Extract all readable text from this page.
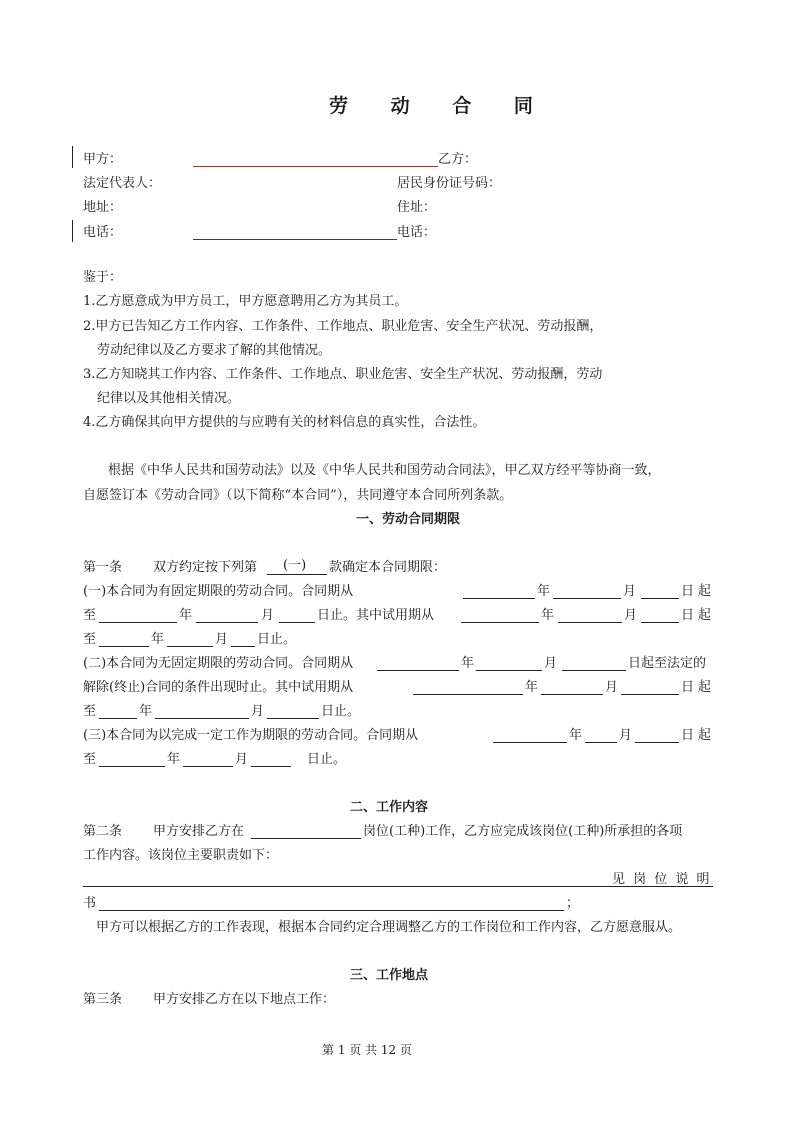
劳 动 合 同
甲方：	乙方：
法定代表人：	居民身份证号码：
地址：	住址：
电话：	电话：
鉴于：
1.乙方愿意成为甲方员工，甲方愿意聘用乙方为其员工。
2.甲方已告知乙方工作内容、工作条件、工作地点、职业危害、安全生产状况、劳动报酬，
劳动纪律以及乙方要求了解的其他情况。
3.乙方知晓其工作内容、工作条件、工作地点、职业危害、安全生产状况、劳动报酬，劳动
纪律以及其他相关情况。
4.乙方确保其向甲方提供的与应聘有关的材料信息的真实性，合法性。
根据《中华人民共和国劳动法》以及《中华人民共和国劳动合同法》，甲乙双方经平等协商一致，
自愿签订本《劳动合同》（以下简称“本合同”），共同遵守本合同所列条款。
一、劳动合同期限
第一条 双方约定按下列第 (一) 款确定本合同期限：
(一)本合同为有固定期限的劳动合同。合同期从	年	月	日起
至	年	月	日止。其中试用期从	年	月	日起
至	年	月 日止。
(二)本合同为无固定期限的劳动合同。合同期从	年	月	日起至法定的
解除(终止)合同的条件出现时止。其中试用期从	年	月	日起
至	年	月	日止。
(三)本合同为以完成一定工作为期限的劳动合同。合同期从	年	月	日起
至	年	月	日止。
二、工作内容
第二条 甲方安排乙方在	岗位(工种)工作，乙方应完成该岗位(工种)所承担的各项
工作内容。该岗位主要职责如下：
见 岗 位 说 明
书	；
甲方可以根据乙方的工作表现，根据本合同约定合理调整乙方的工作岗位和工作内容，乙方愿意服从。
三、工作地点
第三条 甲方安排乙方在以下地点工作：
第 1 页 共 12 页
